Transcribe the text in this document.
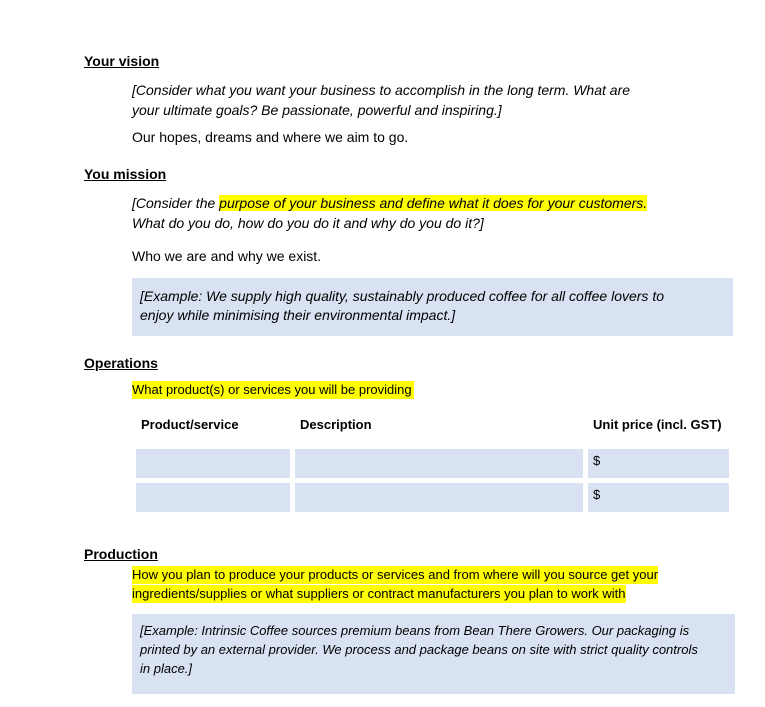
Your vision
[Consider what you want your business to accomplish in the long term. What are
your ultimate goals? Be passionate, powerful and inspiring.]
Our hopes, dreams and where we aim to go.
You mission
[Consider the purpose of your business and define what it does for your customers.
What do you do, how do you do it and why do you do it?]
Who we are and why we exist.
[Example: We supply high quality, sustainably produced coffee for all coffee lovers to
enjoy while minimising their environmental impact.]
Operations
What product(s) or services you will be providing
Product/service	Description	Unit price (incl. GST)
$
$
Production
How you plan to produce your products or services and from where will you source get your
ingredients/supplies or what suppliers or contract manufacturers you plan to work with
[Example: Intrinsic Coffee sources premium beans from Bean There Growers. Our packaging is
printed by an external provider. We process and package beans on site with strict quality controls
in place.]
